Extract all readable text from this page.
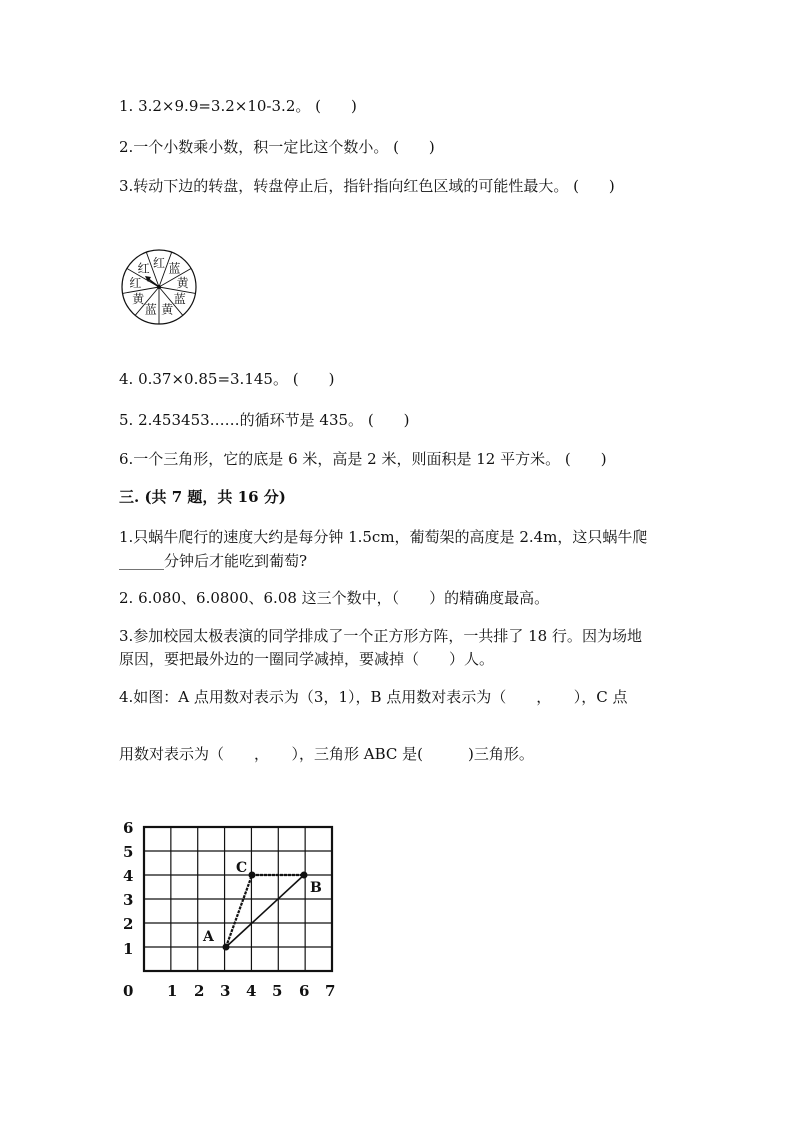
1. 3.2×9.9=3.2×10-3.2。 (　　)
2.一个小数乘小数，积一定比这个数小。 (　　)
3.转动下边的转盘，转盘停止后，指针指向红色区域的可能性最大。 (　　)
红 蓝
黄
蓝
黄
蓝
黄
红
红
4. 0.37×0.85=3.145。 (　　)
5. 2.453453……的循环节是 435。 (　　)
6.一个三角形，它的底是 6 米，高是 2 米，则面积是 12 平方米。 (　　)
三. (共 7 题，共 16 分)
1.只蜗牛爬行的速度大约是每分钟 1.5cm，葡萄架的高度是 2.4m，这只蜗牛爬
______分钟后才能吃到葡萄?
2. 6.080、6.0800、6.08 这三个数中，（　　）的精确度最高。
3.参加校园太极表演的同学排成了一个正方形方阵，一共排了 18 行。因为场地
原因，要把最外边的一圈同学减掉，要减掉（　　）人。
4.如图：A 点用数对表示为（3，1），B 点用数对表示为（　　，　　），C 点
用数对表示为（　　，　　），三角形 ABC 是(　　　)三角形。
6
5
4
3
2
1
0 1 2 3 4 5 6 7
A
C
B
